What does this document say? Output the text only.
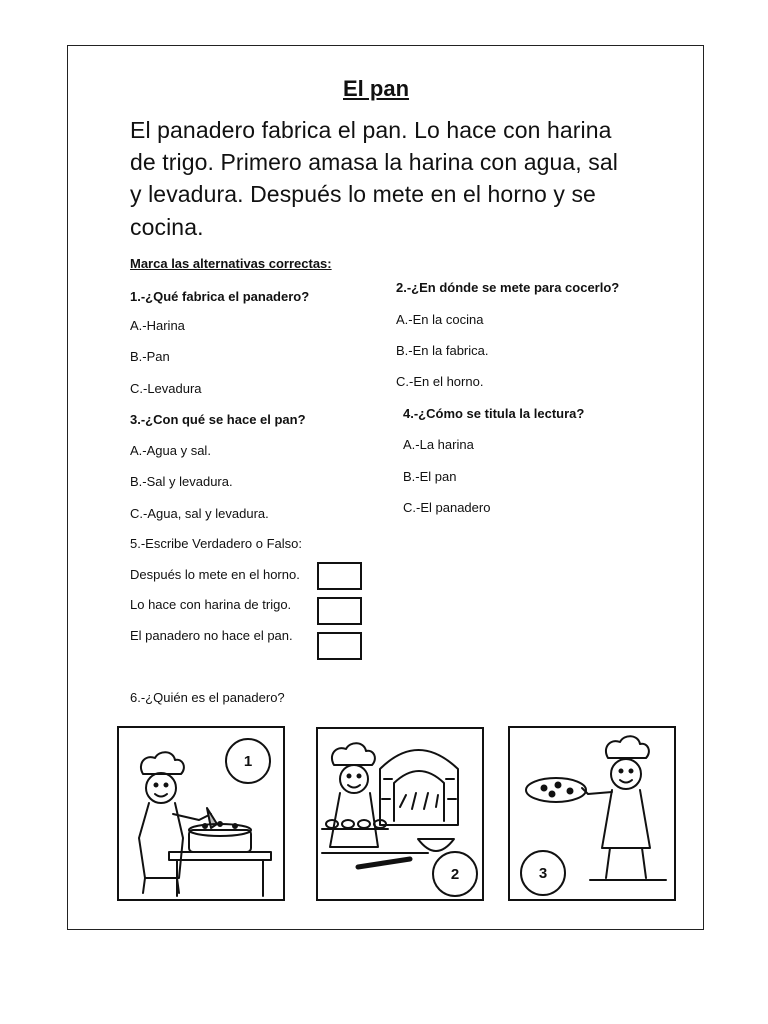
El pan
El panadero fabrica el pan. Lo hace con harina
de trigo. Primero amasa la harina con agua, sal
y levadura. Después lo mete en el horno y se
cocina.
Marca las alternativas correctas:
1.-¿Qué fabrica el panadero?
A.-Harina
B.-Pan
C.-Levadura
2.-¿En dónde se mete para cocerlo?
A.-En la cocina
B.-En la fabrica.
C.-En el horno.
3.-¿Con qué se hace el pan?
A.-Agua y sal.
B.-Sal y levadura.
C.-Agua, sal y levadura.
4.-¿Cómo se titula la lectura?
A.-La harina
B.-El pan
C.-El panadero
5.-Escribe Verdadero o Falso:
Después lo mete en el horno.
Lo hace con harina de trigo.
El panadero no hace el pan.
6.-¿Quién es el panadero?
1
2	3
